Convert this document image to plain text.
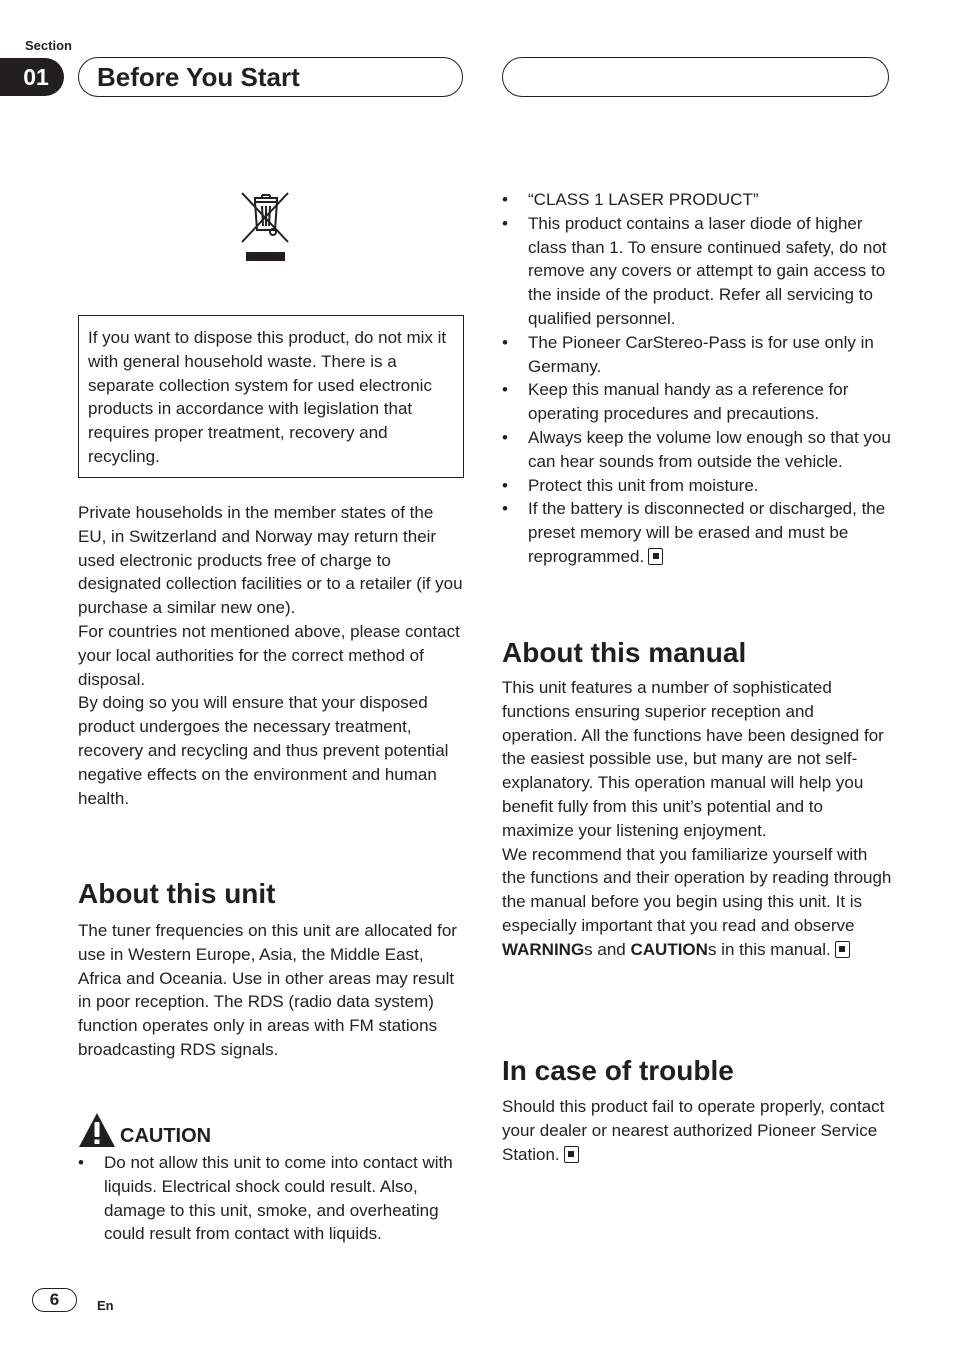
Section
01	Before You Start
If you want to dispose this product, do not mix it with general household waste. There is a separate collection system for used electronic products in accordance with legislation that requires proper treatment, recovery and recycling.

Private households in the member states of the EU, in Switzerland and Norway may return their used electronic products free of charge to designated collection facilities or to a retailer (if you purchase a similar new one).

For countries not mentioned above, please contact your local authorities for the correct method of disposal.

By doing so you will ensure that your disposed product undergoes the necessary treatment, recovery and recycling and thus prevent potential negative effects on the environment and human health.

About this unit

The tuner frequencies on this unit are allocated for use in Western Europe, Asia, the Middle East, Africa and Oceania. Use in other areas may result in poor reception. The RDS (radio data system) function operates only in areas with FM stations broadcasting RDS signals.

CAUTION
• Do not allow this unit to come into contact with liquids. Electrical shock could result. Also, damage to this unit, smoke, and overheating could result from contact with liquids.
• “CLASS 1 LASER PRODUCT”
• This product contains a laser diode of higher class than 1. To ensure continued safety, do not remove any covers or attempt to gain access to the inside of the product. Refer all servicing to qualified personnel.
• The Pioneer CarStereo-Pass is for use only in Germany.
• Keep this manual handy as a reference for operating procedures and precautions.
• Always keep the volume low enough so that you can hear sounds from outside the vehicle.
• Protect this unit from moisture.
• If the battery is disconnected or discharged, the preset memory will be erased and must be reprogrammed.
About this manual

This unit features a number of sophisticated functions ensuring superior reception and operation. All the functions have been designed for the easiest possible use, but many are not self-explanatory. This operation manual will help you benefit fully from this unit’s potential and to maximize your listening enjoyment.

We recommend that you familiarize yourself with the functions and their operation by reading through the manual before you begin using this unit. It is especially important that you read and observe WARNINGs and CAUTIONs in this manual.

In case of trouble

Should this product fail to operate properly, contact your dealer or nearest authorized Pioneer Service Station.

6	En
